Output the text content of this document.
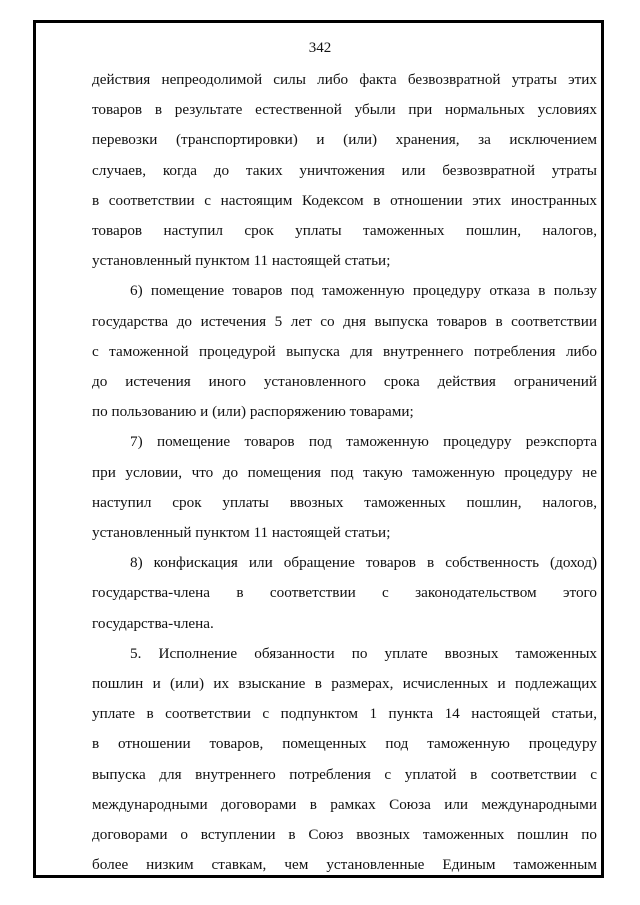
342
действия непреодолимой силы либо факта безвозвратной утраты этих
товаров в результате естественной убыли при нормальных условиях
перевозки (транспортировки) и (или) хранения, за исключением
случаев, когда до таких уничтожения или безвозвратной утраты
в соответствии с настоящим Кодексом в отношении этих иностранных
товаров наступил срок уплаты таможенных пошлин, налогов,
установленный пунктом 11 настоящей статьи;
6) помещение товаров под таможенную процедуру отказа в пользу
государства до истечения 5 лет со дня выпуска товаров в соответствии
с таможенной процедурой выпуска для внутреннего потребления либо
до истечения иного установленного срока действия ограничений
по пользованию и (или) распоряжению товарами;
7) помещение товаров под таможенную процедуру реэкспорта
при условии, что до помещения под такую таможенную процедуру не
наступил срок уплаты ввозных таможенных пошлин, налогов,
установленный пунктом 11 настоящей статьи;
8) конфискация или обращение товаров в собственность (доход)
государства-члена в соответствии с законодательством этого
государства-члена.
5. Исполнение обязанности по уплате ввозных таможенных
пошлин и (или) их взыскание в размерах, исчисленных и подлежащих
уплате в соответствии с подпунктом 1 пункта 14 настоящей статьи,
в отношении товаров, помещенных под таможенную процедуру
выпуска для внутреннего потребления с уплатой в соответствии с
международными договорами в рамках Союза или международными
договорами о вступлении в Союз ввозных таможенных пошлин по
более низким ставкам, чем установленные Единым таможенным
